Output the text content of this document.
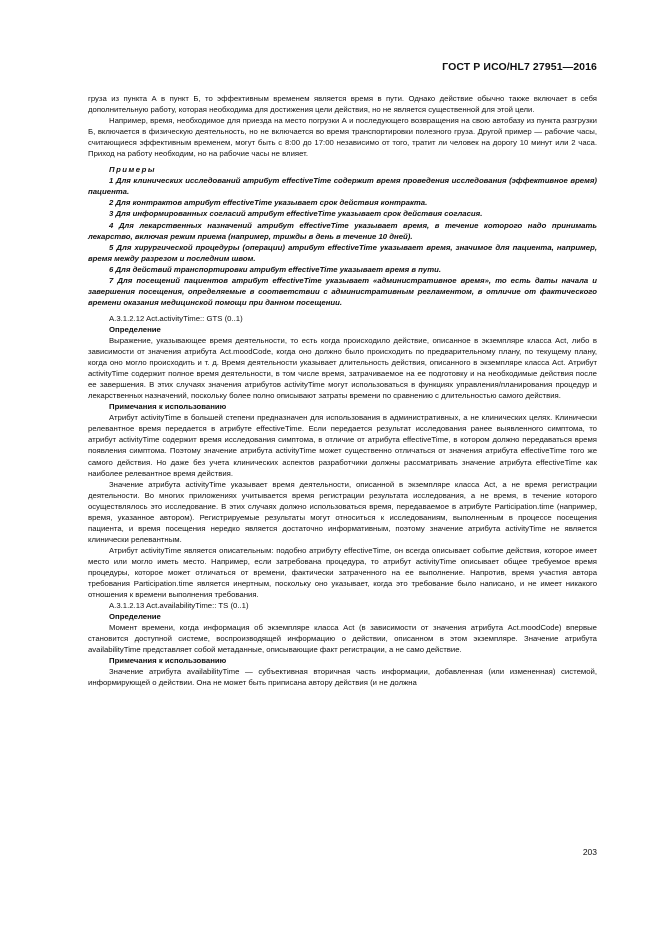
ГОСТ Р ИСО/HL7 27951—2016

груза из пункта А в пункт Б, то эффективным временем является время в пути. Однако действие обычно также включает в себя дополнительную работу, которая необходима для достижения цели действия, но не является существенной для этой цели.

Например, время, необходимое для приезда на место погрузки А и последующего возвращения на свою автобазу из пункта разгрузки Б, включается в физическую деятельность, но не включается во время транспортировки полезного груза. Другой пример — рабочие часы, считающиеся эффективным временем, могут быть с 8:00 до 17:00 независимо от того, тратит ли человек на дорогу 10 минут или 2 часа. Приход на работу необходим, но на рабочие часы не влияет.

Примеры

1 Для клинических исследований атрибут effectiveTime содержит время проведения исследования (эффективное время) пациента.

2 Для контрактов атрибут effectiveTime указывает срок действия контракта.

3 Для информированных согласий атрибут effectiveTime указывает срок действия согласия.

4 Для лекарственных назначений атрибут effectiveTime указывает время, в течение которого надо принимать лекарство, включая режим приема (например, трижды в день в течение 10 дней).

5 Для хирургической процедуры (операции) атрибут effectiveTime указывает время, значимое для пациента, например, время между разрезом и последним швом.

6 Для действий транспортировки атрибут effectiveTime указывает время в пути.

7 Для посещений пациентов атрибут effectiveTime указывает «административное время», то есть даты начала и завершения посещения, определяемые в соответствии с административным регламентом, в отличие от фактического времени оказания медицинской помощи при данном посещении.

A.3.1.2.12 Act.activityTime:: GTS (0..1)

Определение

Выражение, указывающее время деятельности, то есть когда происходило действие, описанное в экземпляре класса Act, либо в зависимости от значения атрибута Act.moodCode, когда оно должно было происходить по предварительному плану, по текущему плану, когда оно могло происходить и т. д. Время деятельности указывает длительность действия, описанного в экземпляре класса Act. Атрибут activityTime содержит полное время деятельности, в том числе время, затрачиваемое на ее подготовку и на необходимые действия после ее завершения. В этих случаях значения атрибутов activityTime могут использоваться в функциях управления/планирования процедур и лекарственных назначений, поскольку более полно описывают затраты времени по сравнению с длительностью самого действия.

Примечания к использованию

Атрибут activityTime в большей степени предназначен для использования в административных, а не клинических целях. Клинически релевантное время передается в атрибуте effectiveTime. Если передается результат исследования ранее выявленного симптома, то атрибут activityTime содержит время исследования симптома, в отличие от атрибута effectiveTime, в котором должно передаваться время появления симптома. Поэтому значение атрибута activityTime может существенно отличаться от значения атрибута effectiveTime того же самого действия. Но даже без учета клинических аспектов разработчики должны рассматривать значение атрибута effectiveTime как наиболее релевантное время действия.

Значение атрибута activityTime указывает время деятельности, описанной в экземпляре класса Act, а не время регистрации деятельности. Во многих приложениях учитывается время регистрации результата исследования, а не время, в течение которого осуществлялось это исследование. В этих случаях должно использоваться время, передаваемое в атрибуте Participation.time (например, время, указанное автором). Регистрируемые результаты могут относиться к исследованиям, выполненным в процессе посещения пациента, и время посещения нередко является достаточно информативным, поэтому значение атрибута activityTime не является клинически релевантным.

Атрибут activityTime является описательным: подобно атрибуту effectiveTime, он всегда описывает событие действия, которое имеет место или могло иметь место. Например, если затребована процедура, то атрибут activityTime описывает общее требуемое время процедуры, которое может отличаться от времени, фактически затраченного на ее выполнение. Напротив, время участия автора требования Participation.time является инертным, поскольку оно указывает, когда это требование было написано, и не имеет никакого отношения к времени выполнения требования.

A.3.1.2.13 Act.availabilityTime:: TS (0..1)

Определение

Момент времени, когда информация об экземпляре класса Act (в зависимости от значения атрибута Act.moodCode) впервые становится доступной системе, воспроизводящей информацию о действии, описанном в этом экземпляре. Значение атрибута availabilityTime представляет собой метаданные, описывающие факт регистрации, а не само действие.

Примечания к использованию

Значение атрибута availabilityTime — субъективная вторичная часть информации, добавленная (или измененная) системой, информирующей о действии. Она не может быть приписана автору действия (и не должна

203
